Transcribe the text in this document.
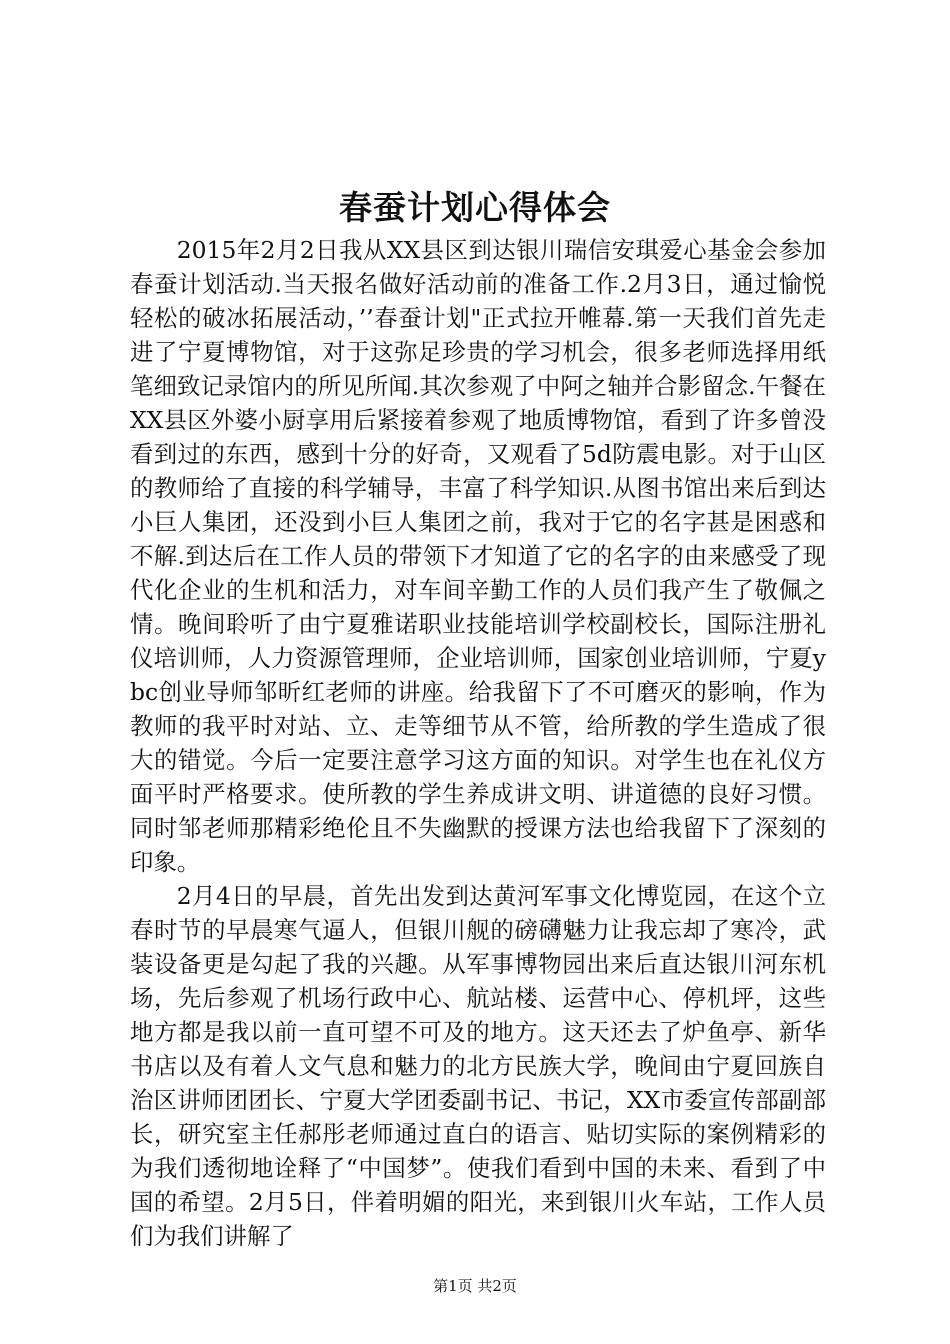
春蚕计划心得体会

2015年2月2日我从XX县区到达银川瑞信安琪爱心基金会参加春蚕计划活动.当天报名做好活动前的准备工作.2月3日，通过愉悦轻松的破冰拓展活动，’’春蚕计划"正式拉开帷幕.第一天我们首先走进了宁夏博物馆，对于这弥足珍贵的学习机会，很多老师选择用纸笔细致记录馆内的所见所闻.其次参观了中阿之轴并合影留念.午餐在XX县区外婆小厨享用后紧接着参观了地质博物馆，看到了许多曾没看到过的东西，感到十分的好奇，又观看了5d防震电影。对于山区的教师给了直接的科学辅导，丰富了科学知识.从图书馆出来后到达小巨人集团，还没到小巨人集团之前，我对于它的名字甚是困惑和不解.到达后在工作人员的带领下才知道了它的名字的由来感受了现代化企业的生机和活力，对车间辛勤工作的人员们我产生了敬佩之情。晚间聆听了由宁夏雅诺职业技能培训学校副校长，国际注册礼仪培训师，人力资源管理师，企业培训师，国家创业培训师，宁夏ybc创业导师邹昕红老师的讲座。给我留下了不可磨灭的影响，作为教师的我平时对站、立、走等细节从不管，给所教的学生造成了很大的错觉。今后一定要注意学习这方面的知识。对学生也在礼仪方面平时严格要求。使所教的学生养成讲文明、讲道德的良好习惯。同时邹老师那精彩绝伦且不失幽默的授课方法也给我留下了深刻的印象。

2月4日的早晨，首先出发到达黄河军事文化博览园，在这个立春时节的早晨寒气逼人，但银川舰的磅礴魅力让我忘却了寒冷，武装设备更是勾起了我的兴趣。从军事博物园出来后直达银川河东机场，先后参观了机场行政中心、航站楼、运营中心、停机坪，这些地方都是我以前一直可望不可及的地方。这天还去了炉鱼亭、新华书店以及有着人文气息和魅力的北方民族大学，晚间由宁夏回族自治区讲师团团长、宁夏大学团委副书记、书记，XX市委宣传部副部长，研究室主任郝彤老师通过直白的语言、贴切实际的案例精彩的为我们透彻地诠释了“中国梦”。使我们看到中国的未来、看到了中国的希望。2月5日，伴着明媚的阳光，来到银川火车站，工作人员们为我们讲解了

第1页 共2页
